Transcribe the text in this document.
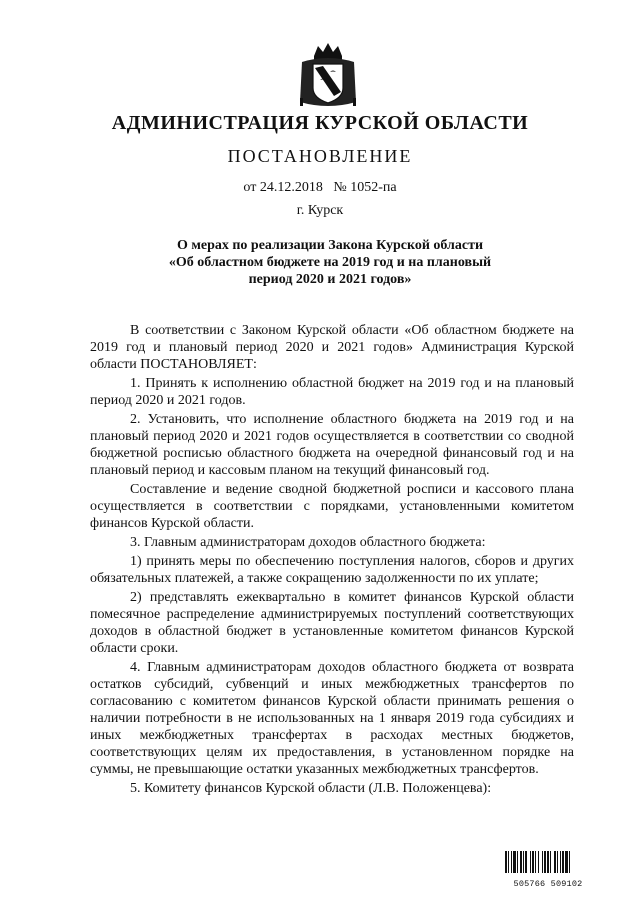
АДМИНИСТРАЦИЯ КУРСКОЙ ОБЛАСТИ
ПОСТАНОВЛЕНИЕ
от 24.12.2018   № 1052-па
г. Курск
О мерах по реализации Закона Курской области
«Об областном бюджете на 2019 год и на плановый
период 2020 и 2021 годов»

В соответствии с Законом Курской области «Об областном бюджете на 2019 год и плановый период 2020 и 2021 годов» Администрация Курской области ПОСТАНОВЛЯЕТ:

1. Принять к исполнению областной бюджет на 2019 год и на плановый период 2020 и 2021 годов.

2. Установить, что исполнение областного бюджета на 2019 год и на плановый период 2020 и 2021 годов осуществляется в соответствии со сводной бюджетной росписью областного бюджета на очередной финансовый год и на плановый период и кассовым планом на текущий финансовый год.

Составление и ведение сводной бюджетной росписи и кассового плана осуществляется в соответствии с порядками, установленными комитетом финансов Курской области.

3. Главным администраторам доходов областного бюджета:

1) принять меры по обеспечению поступления налогов, сборов и других обязательных платежей, а также сокращению задолженности по их уплате;

2) представлять ежеквартально в комитет финансов Курской области помесячное распределение администрируемых поступлений соответствующих доходов в областной бюджет в установленные комитетом финансов Курской области сроки.

4. Главным администраторам доходов областного бюджета от возврата остатков субсидий, субвенций и иных межбюджетных трансфертов по согласованию с комитетом финансов Курской области принимать решения о наличии потребности в не использованных на 1 января 2019 года субсидиях и иных межбюджетных трансфертах в расходах местных бюджетов, соответствующих целям их предоставления, в установленном порядке на суммы, не превышающие остатки указанных межбюджетных трансфертов.

5. Комитету финансов Курской области (Л.В. Положенцева):

505766 509102
